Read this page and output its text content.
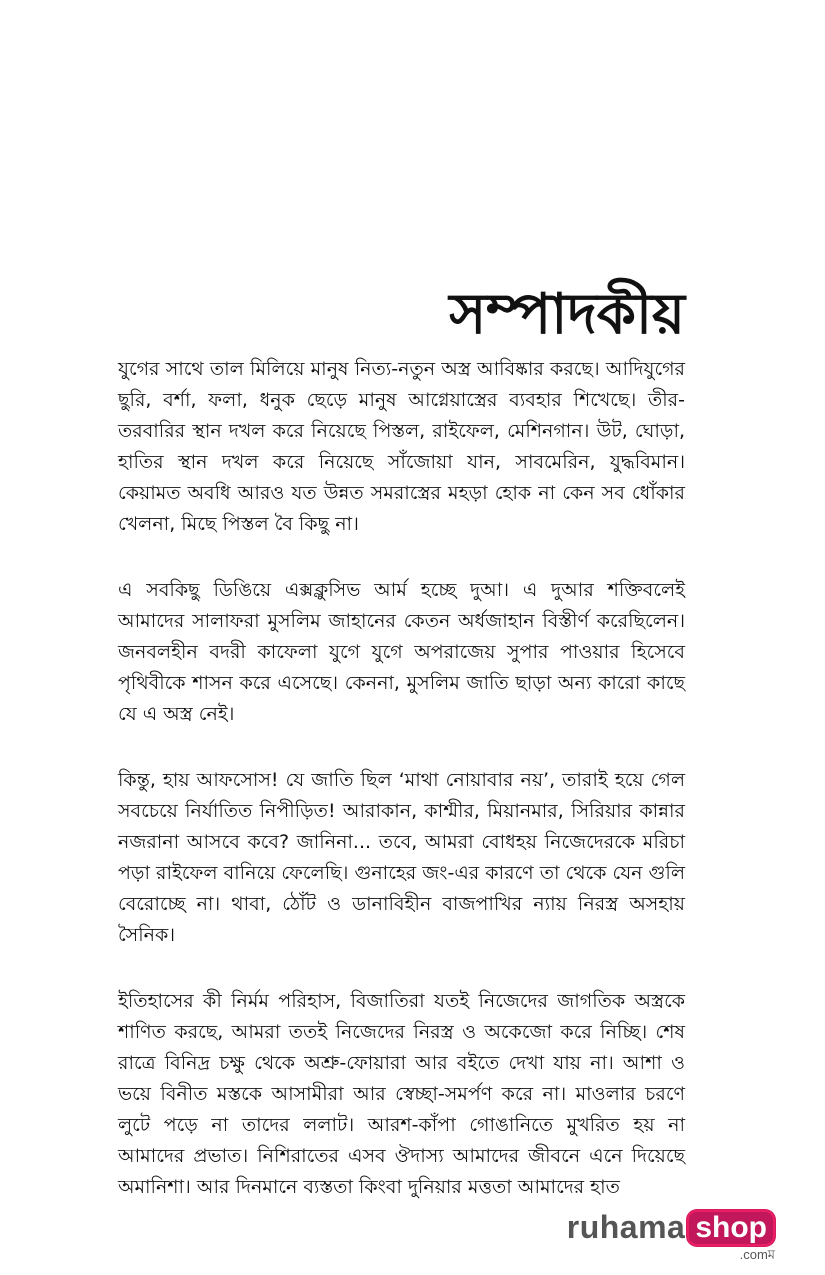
সম্পাদকীয়

যুগের সাথে তাল মিলিয়ে মানুষ নিত্য-নতুন অস্ত্র আবিষ্কার করছে। আদিযুগের ছুরি, বর্শা, ফলা, ধনুক ছেড়ে মানুষ আগ্নেয়াস্ত্রের ব্যবহার শিখেছে। তীর-তরবারির স্থান দখল করে নিয়েছে পিস্তল, রাইফেল, মেশিনগান। উট, ঘোড়া, হাতির স্থান দখল করে নিয়েছে সাঁজোয়া যান, সাবমেরিন, যুদ্ধবিমান। কেয়ামত অবধি আরও যত উন্নত সমরাস্ত্রের মহড়া হোক না কেন সব ধোঁকার খেলনা, মিছে পিস্তল বৈ কিছু না।

এ সবকিছু ডিঙিয়ে এক্সক্লুসিভ আর্ম হচ্ছে দুআ। এ দুআর শক্তিবলেই আমাদের সালাফরা মুসলিম জাহানের কেতন অর্ধজাহান বিস্তীর্ণ করেছিলেন। জনবলহীন বদরী কাফেলা যুগে যুগে অপরাজেয় সুপার পাওয়ার হিসেবে পৃথিবীকে শাসন করে এসেছে। কেননা, মুসলিম জাতি ছাড়া অন্য কারো কাছে যে এ অস্ত্র নেই।

কিন্তু, হায় আফসোস! যে জাতি ছিল ‘মাথা নোয়াবার নয়’, তারাই হয়ে গেল সবচেয়ে নির্যাতিত নিপীড়িত! আরাকান, কাশ্মীর, মিয়ানমার, সিরিয়ার কান্নার নজরানা আসবে কবে? জানিনা... তবে, আমরা বোধহয় নিজেদেরকে মরিচা পড়া রাইফেল বানিয়ে ফেলেছি। গুনাহের জং-এর কারণে তা থেকে যেন গুলি বেরোচ্ছে না। থাবা, ঠোঁট ও ডানাবিহীন বাজপাখির ন্যায় নিরস্ত্র অসহায় সৈনিক।

ইতিহাসের কী নির্মম পরিহাস, বিজাতিরা যতই নিজেদের জাগতিক অস্ত্রকে শাণিত করছে, আমরা ততই নিজেদের নিরস্ত্র ও অকেজো করে নিচ্ছি। শেষ রাত্রে বিনিদ্র চক্ষু থেকে অশ্রু-ফোয়ারা আর বইতে দেখা যায় না। আশা ও ভয়ে বিনীত মস্তকে আসামীরা আর স্বেচ্ছা-সমর্পণ করে না। মাওলার চরণে লুটে পড়ে না তাদের ললাট। আরশ-কাঁপা গোঙানিতে মুখরিত হয় না আমাদের প্রভাত। নিশিরাতের এসব ঔদাস্য আমাদের জীবনে এনে দিয়েছে অমানিশা। আর দিনমানে ব্যস্ততা কিংবা দুনিয়ার মত্ততা আমাদের হাত

ruhama shop
.comম
